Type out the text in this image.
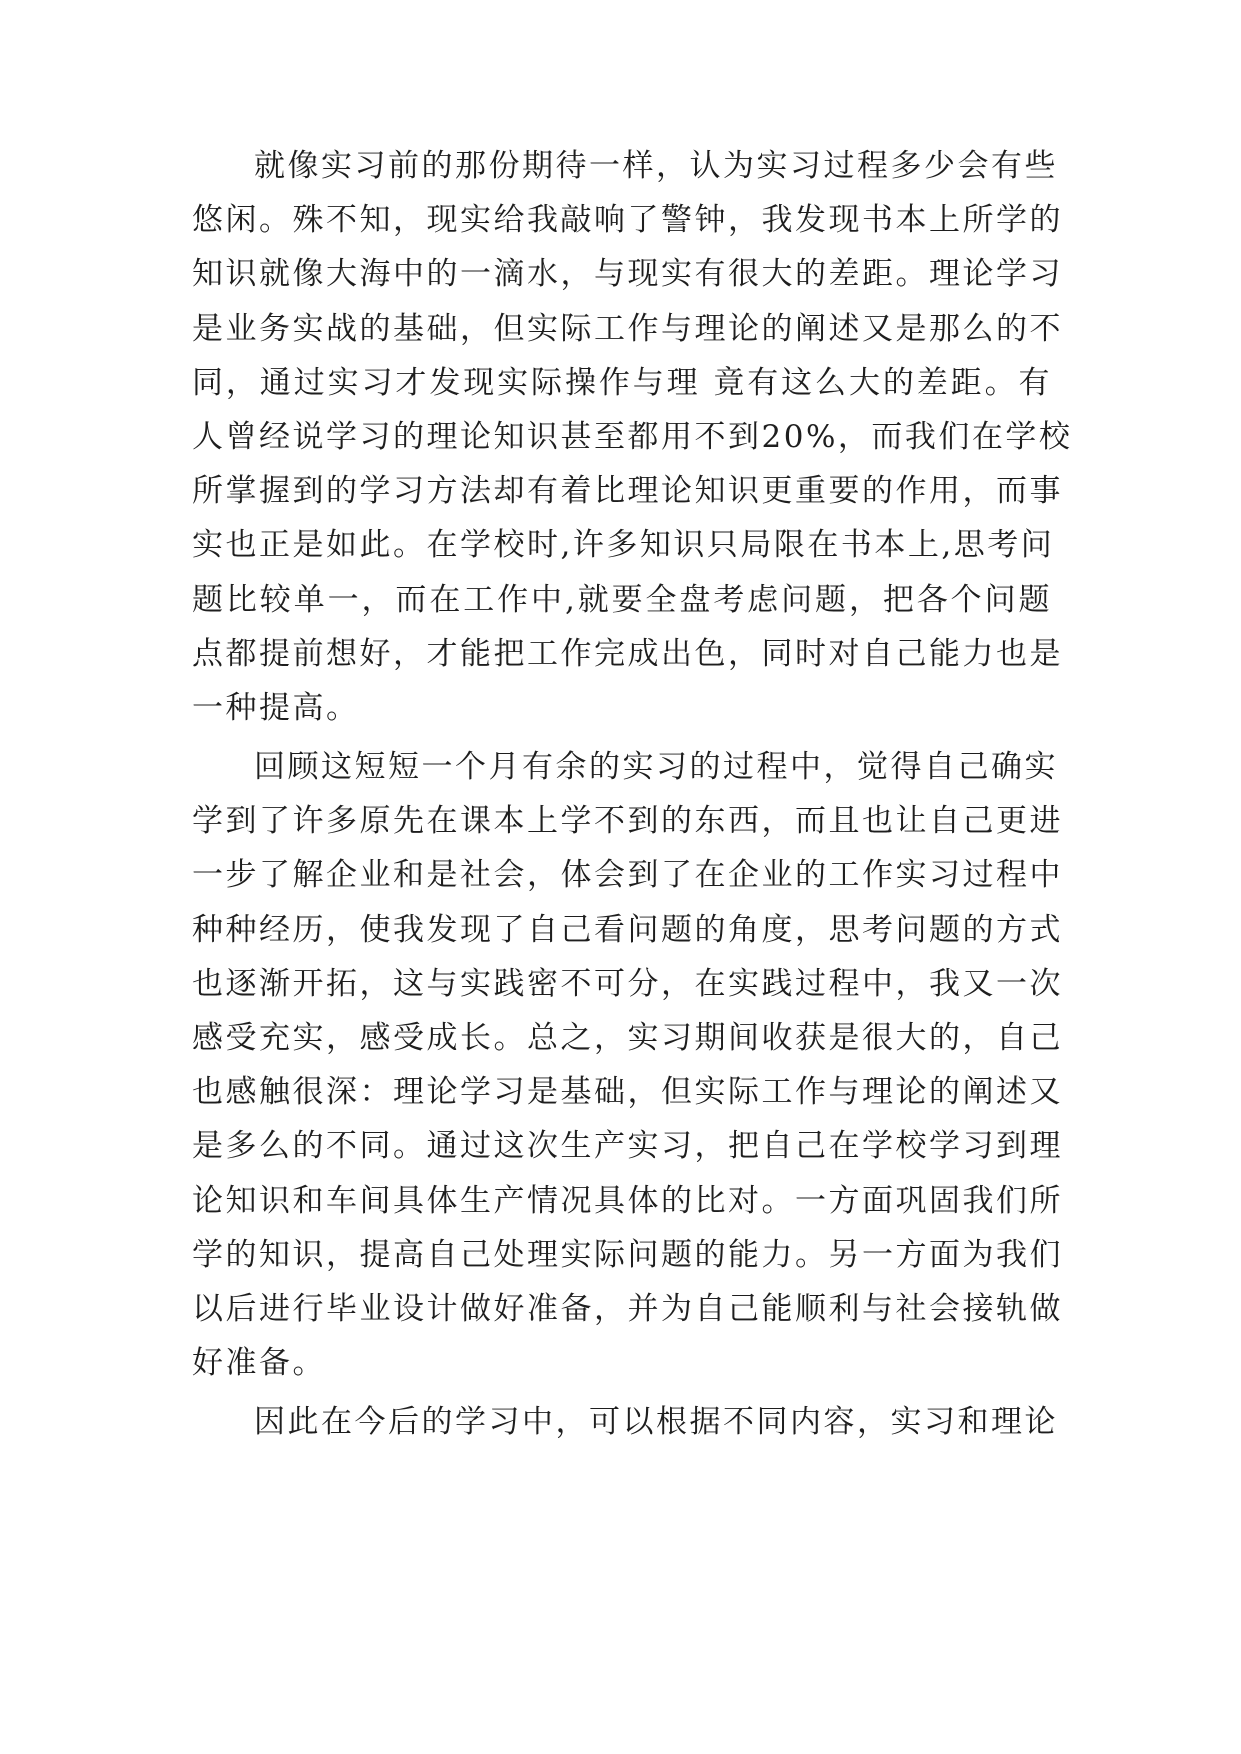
就像实习前的那份期待一样，认为实习过程多少会有些
悠闲。殊不知，现实给我敲响了警钟，我发现书本上所学的
知识就像大海中的一滴水，与现实有很大的差距。理论学习
是业务实战的基础，但实际工作与理论的阐述又是那么的不
同，通过实习才发现实际操作与理 竟有这么大的差距。有
人曾经说学习的理论知识甚至都用不到20%，而我们在学校
所掌握到的学习方法却有着比理论知识更重要的作用，而事
实也正是如此。在学校时,许多知识只局限在书本上,思考问
题比较单一，而在工作中,就要全盘考虑问题，把各个问题
点都提前想好，才能把工作完成出色，同时对自己能力也是
一种提高。
回顾这短短一个月有余的实习的过程中，觉得自己确实
学到了许多原先在课本上学不到的东西，而且也让自己更进
一步了解企业和是社会，体会到了在企业的工作实习过程中
种种经历，使我发现了自己看问题的角度，思考问题的方式
也逐渐开拓，这与实践密不可分，在实践过程中，我又一次
感受充实，感受成长。总之，实习期间收获是很大的，自己
也感触很深：理论学习是基础，但实际工作与理论的阐述又
是多么的不同。通过这次生产实习，把自己在学校学习到理
论知识和车间具体生产情况具体的比对。一方面巩固我们所
学的知识，提高自己处理实际问题的能力。另一方面为我们
以后进行毕业设计做好准备，并为自己能顺利与社会接轨做
好准备。
因此在今后的学习中，可以根据不同内容，实习和理论
